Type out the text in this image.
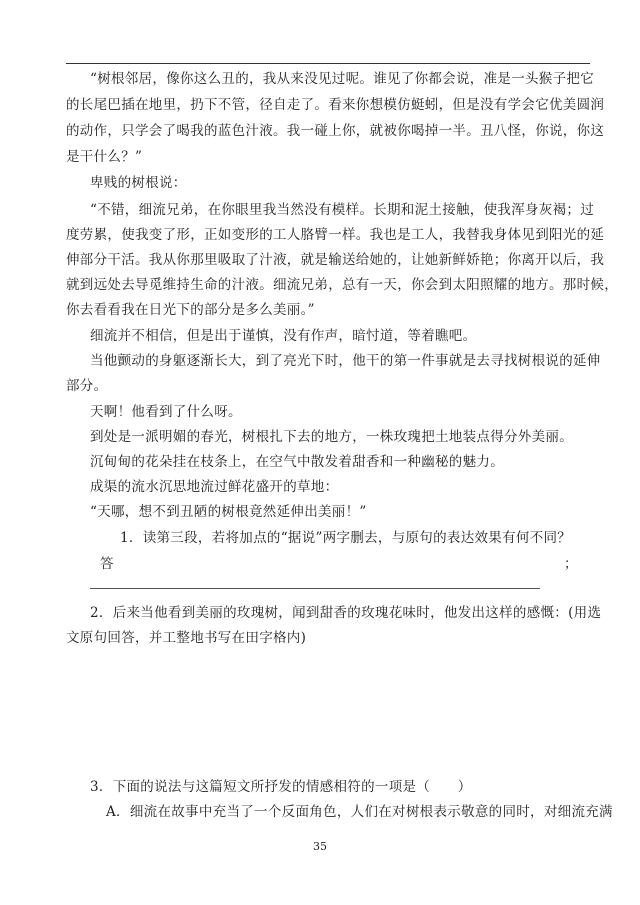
“树根邻居，像你这么丑的，我从来没见过呢。谁见了你都会说，准是一头猴子把它
的长尾巴插在地里，扔下不管，径自走了。看来你想模仿蜓蚓，但是没有学会它优美圆润
的动作，只学会了喝我的蓝色汁液。我一碰上你，就被你喝掉一半。丑八怪，你说，你这
是干什么？”
卑贱的树根说：
“不错，细流兄弟，在你眼里我当然没有模样。长期和泥土接触，使我浑身灰褐；过
度劳累，使我变了形，正如变形的工人胳臂一样。我也是工人，我替我身体见到阳光的延
伸部分干活。我从你那里吸取了汁液，就是输送给她的，让她新鲜娇艳；你离开以后，我
就到远处去导觅维持生命的汁液。细流兄弟，总有一天，你会到太阳照耀的地方。那时候，
你去看看我在日光下的部分是多么美丽。”
细流并不相信，但是出于谨慎，没有作声，暗忖道，等着瞧吧。
当他颤动的身躯逐渐长大，到了亮光下时，他干的第一件事就是去寻找树根说的延伸
部分。
天啊！他看到了什么呀。
到处是一派明媚的春光，树根扎下去的地方，一株玫瑰把土地装点得分外美丽。
沉甸甸的花朵挂在枝条上，在空气中散发着甜香和一种幽秘的魅力。
成渠的流水沉思地流过鲜花盛开的草地：
“天哪，想不到丑陋的树根竟然延伸出美丽！”
1．读第三段，若将加点的“据说”两字删去，与原句的表达效果有何不同？
答	；
2．后来当他看到美丽的玫瑰树，闻到甜香的玫瑰花味时，他发出这样的感慨：(用选
文原句回答，并工整地书写在田字格内)
3．下面的说法与这篇短文所抒发的情感相符的一项是（　　）
A．细流在故事中充当了一个反面角色，人们在对树根表示敬意的同时，对细流充满
35
